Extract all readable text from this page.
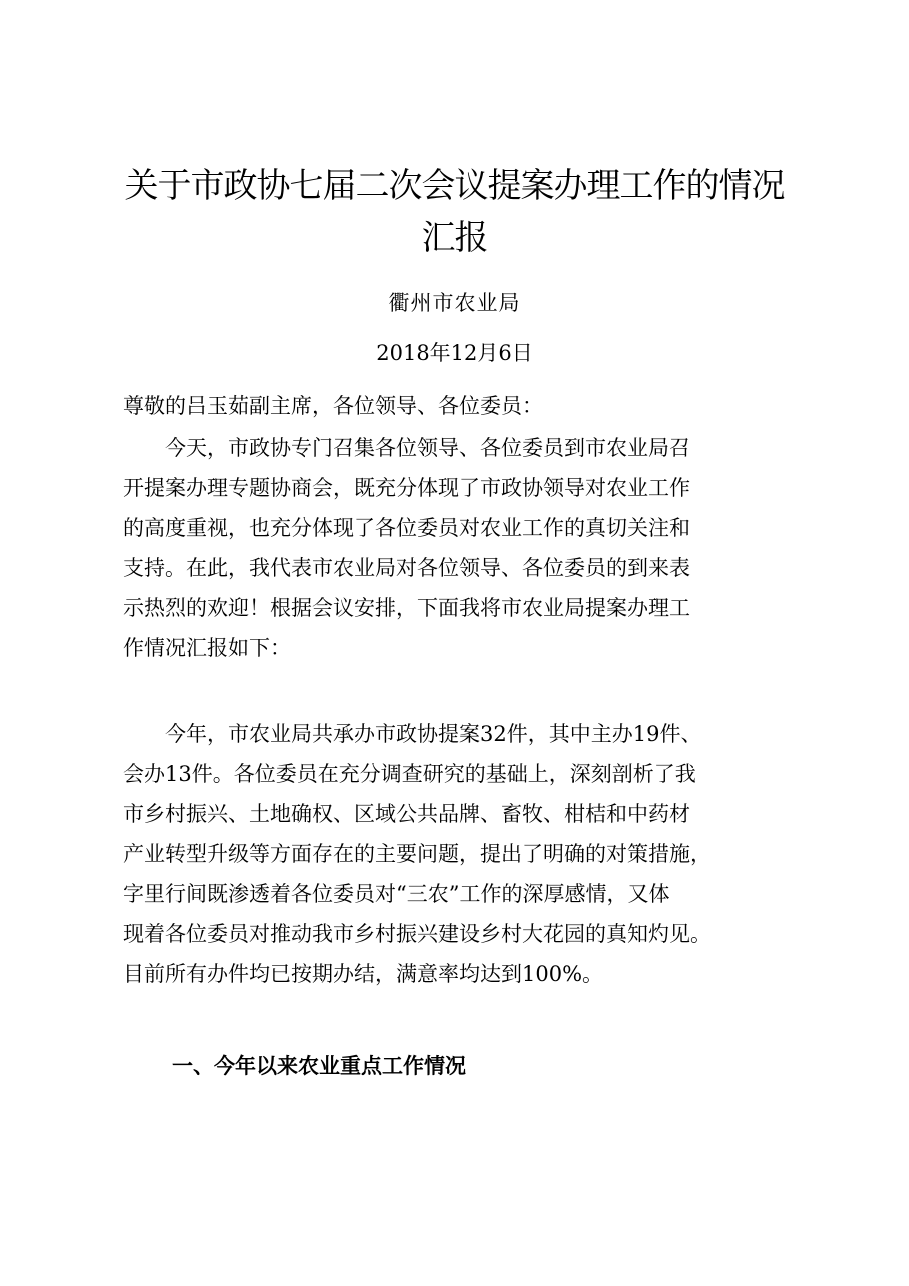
关于市政协七届二次会议提案办理工作的情况
汇报

衢州市农业局

2018年12月6日

尊敬的吕玉茹副主席，各位领导、各位委员：
今天，市政协专门召集各位领导、各位委员到市农业局召
开提案办理专题协商会，既充分体现了市政协领导对农业工作
的高度重视，也充分体现了各位委员对农业工作的真切关注和
支持。在此，我代表市农业局对各位领导、各位委员的到来表
示热烈的欢迎！根据会议安排，下面我将市农业局提案办理工
作情况汇报如下：
今年，市农业局共承办市政协提案32件，其中主办19件、
会办13件。各位委员在充分调查研究的基础上，深刻剖析了我
市乡村振兴、土地确权、区域公共品牌、畜牧、柑桔和中药材
产业转型升级等方面存在的主要问题，提出了明确的对策措施，
字里行间既渗透着各位委员对“三农”工作的深厚感情，又体
现着各位委员对推动我市乡村振兴建设乡村大花园的真知灼见。
目前所有办件均已按期办结，满意率均达到100%。

一、今年以来农业重点工作情况
